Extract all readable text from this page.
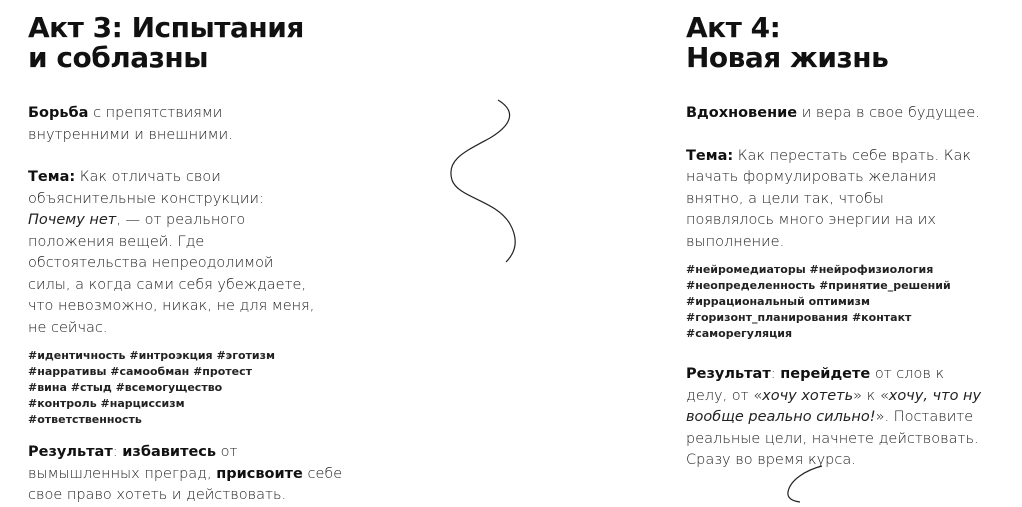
Акт 3: Испытания
и соблазны

Борьба с препятствиями внутренними и внешними.

Тема: Как отличать свои объяснительные конструкции: Почему нет, — от реального положения вещей. Где обстоятельства непреодолимой силы, а когда сами себя убеждаете, что невозможно, никак, не для меня, не сейчас.

#идентичность #интроэкция #эготизм #нарративы #самообман #протест #вина #стыд #всемогущество #контроль #нарциссизм #ответственность

Результат: избавитесь от вымышленных преград, присвоите себе свое право хотеть и действовать.

Акт 4:
Новая жизнь

Вдохновение и вера в свое будущее.

Тема: Как перестать себе врать. Как начать формулировать желания внятно, а цели так, чтобы появлялось много энергии на их выполнение.

#нейромедиаторы #нейрофизиология #неопределенность #принятие_решений #иррациональный оптимизм #горизонт_планирования #контакт #саморегуляция

Результат: перейдете от слов к делу, от «хочу хотеть» к «хочу, что ну вообще реально сильно!». Поставите реальные цели, начнете действовать. Сразу во время курса.
